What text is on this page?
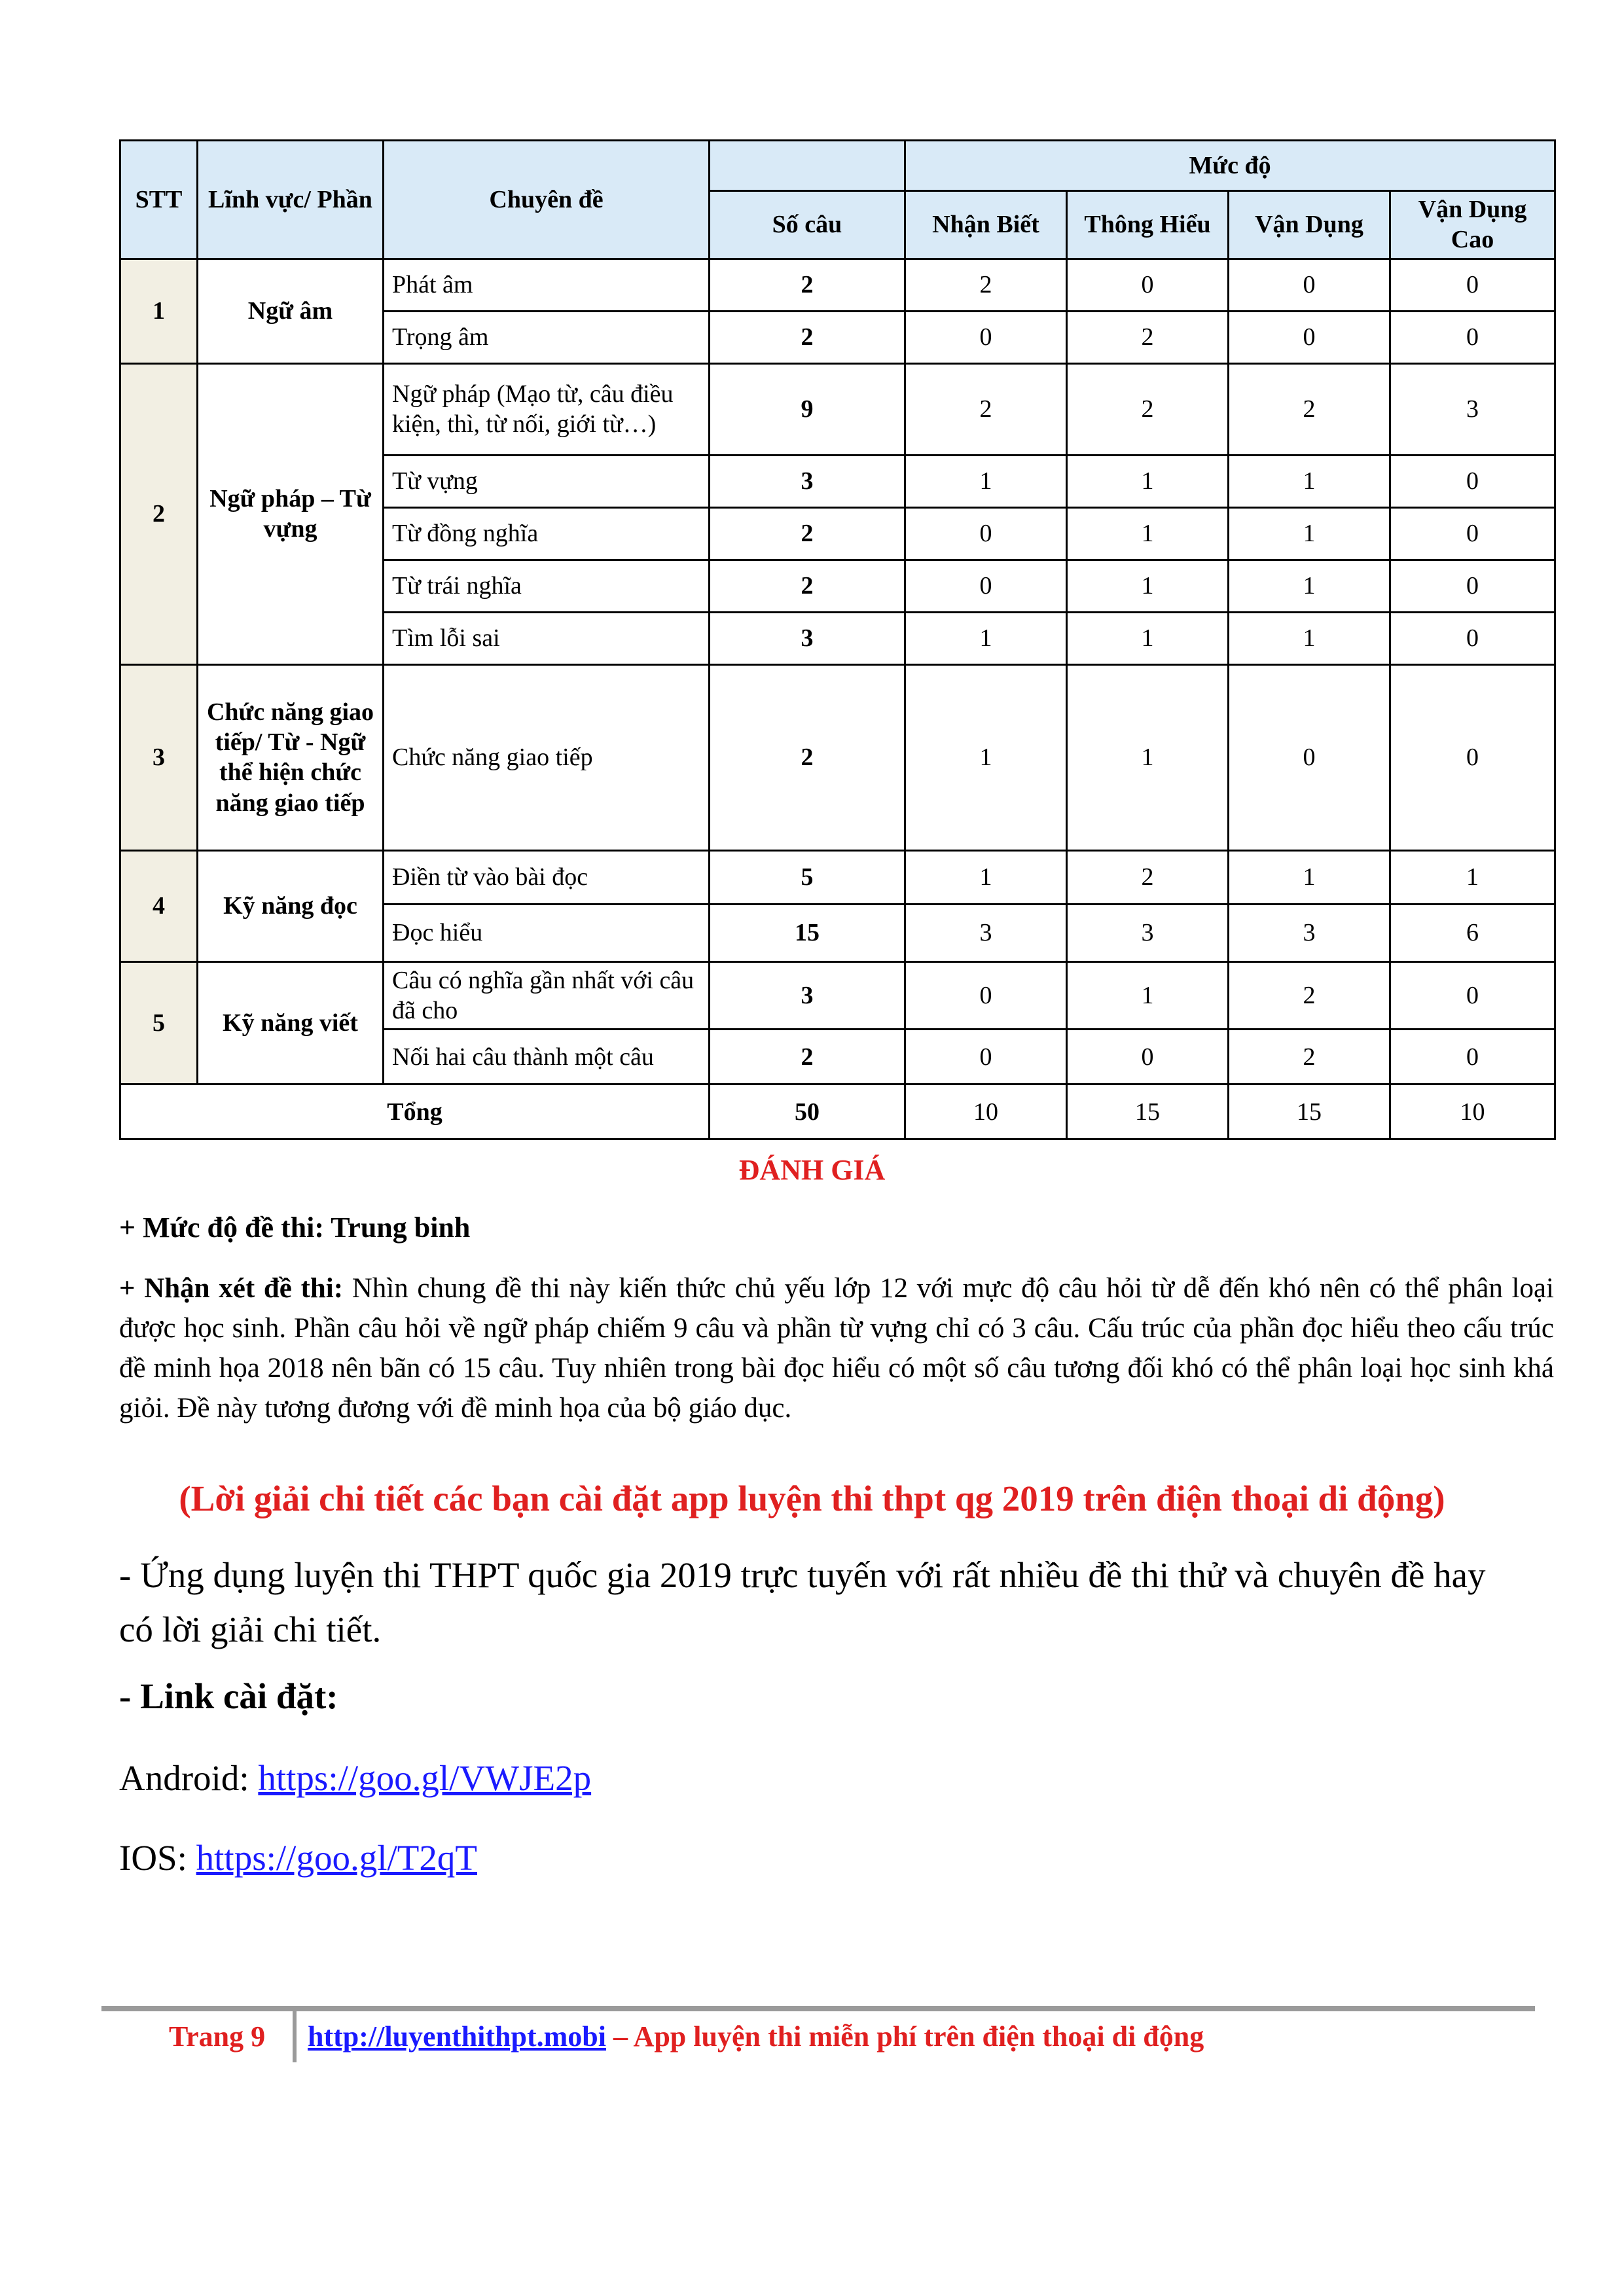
STT	Lĩnh vực/ Phần	Chuyên đề		Mức độ			
			Số câu	Nhận Biết	Thông Hiểu	Vận Dụng	Vận Dụng Cao
1	Ngữ âm	Phát âm	2	2	0	0	0
		Trọng âm	2	0	2	0	0
2	Ngữ pháp – Từ vựng	Ngữ pháp (Mạo từ, câu điều kiện, thì, từ nối, giới từ…)	9	2	2	2	3
		Từ vựng	3	1	1	1	0
		Từ đồng nghĩa	2	0	1	1	0
		Từ trái nghĩa	2	0	1	1	0
		Tìm lỗi sai	3	1	1	1	0
3	Chức năng giao tiếp/ Từ - Ngữ thể hiện chức năng giao tiếp	Chức năng giao tiếp	2	1	1	0	0
4	Kỹ năng đọc	Điền từ vào bài đọc	5	1	2	1	1
		Đọc hiểu	15	3	3	3	6
5	Kỹ năng viết	Câu có nghĩa gần nhất với câu đã cho	3	0	1	2	0
		Nối hai câu thành một câu	2	0	0	2	0
Tổng			50	10	15	15	10
ĐÁNH GIÁ
+ Mức độ đề thi: Trung binh
+ Nhận xét đề thi: Nhìn chung đề thi này kiến thức chủ yếu lớp 12 với mực độ câu hỏi từ dễ đến khó nên có thể phân loại được học sinh. Phần câu hỏi về ngữ pháp chiếm 9 câu và phần từ vựng chỉ có 3 câu. Cấu trúc của phần đọc hiểu theo cấu trúc đề minh họa 2018 nên bãn có 15 câu. Tuy nhiên trong bài đọc hiểu có một số câu tương đối khó có thể phân loại học sinh khá giỏi. Đề này tương đương với đề minh họa của bộ giáo dục.
(Lời giải chi tiết các bạn cài đặt app luyện thi thpt qg 2019 trên điện thoại di động)
- Ứng dụng luyện thi THPT quốc gia 2019 trực tuyến với rất nhiều đề thi thử và chuyên đề hay có lời giải chi tiết.
- Link cài đặt:
Android: https://goo.gl/VWJE2p
IOS: https://goo.gl/T2qT
Trang 9 http://luyenthithpt.mobi – App luyện thi miễn phí trên điện thoại di động
